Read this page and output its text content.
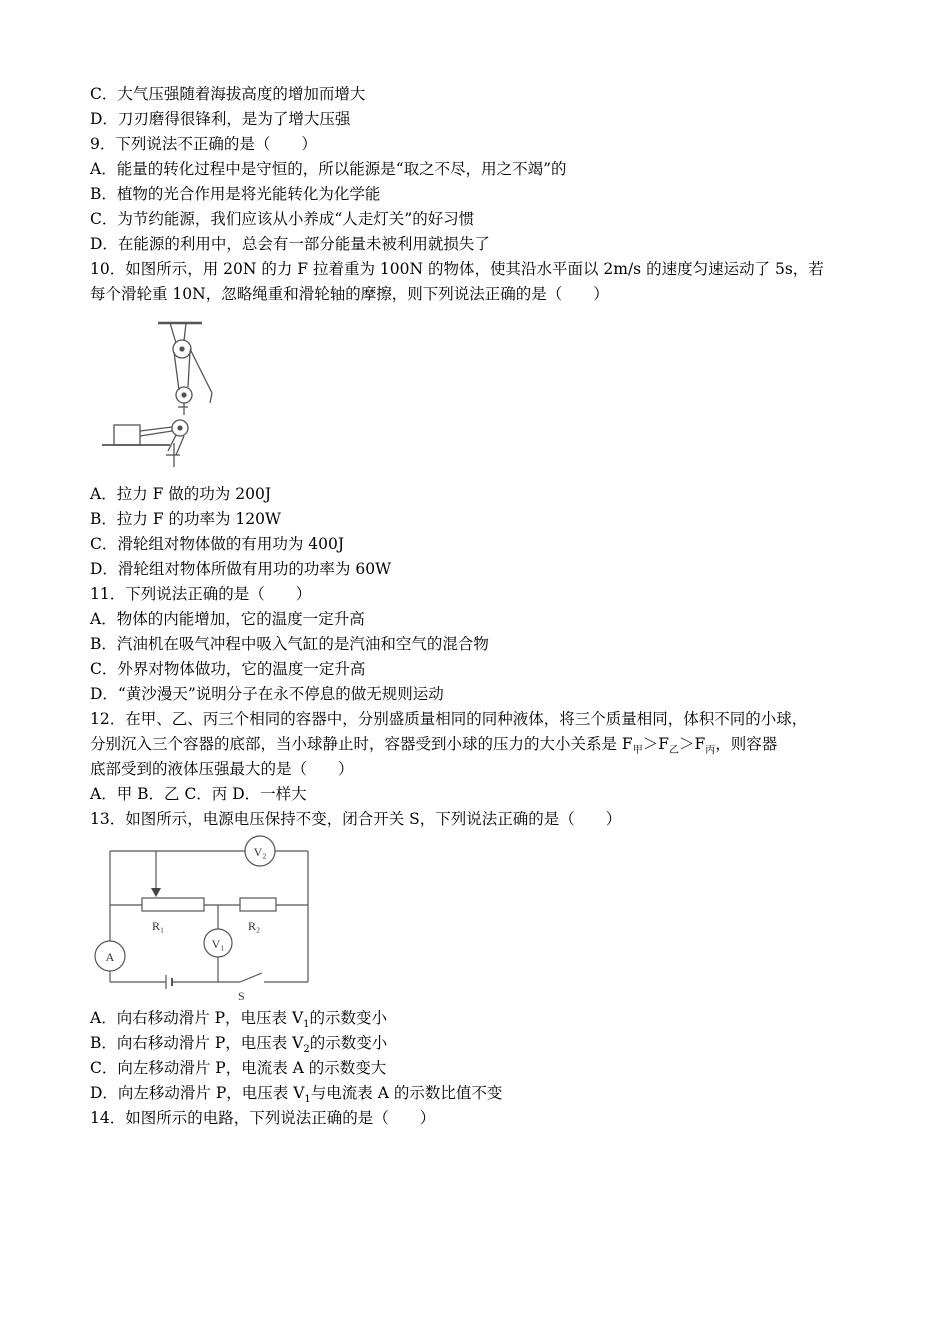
C．大气压强随着海拔高度的增加而增大
D．刀刃磨得很锋利，是为了增大压强
9．下列说法不正确的是（　　）
A．能量的转化过程中是守恒的，所以能源是“取之不尽，用之不竭”的
B．植物的光合作用是将光能转化为化学能
C．为节约能源，我们应该从小养成“人走灯关”的好习惯
D．在能源的利用中，总会有一部分能量未被利用就损失了
10．如图所示，用 20N 的力 F 拉着重为 100N 的物体，使其沿水平面以 2m/s 的速度匀速运动了 5s，若
每个滑轮重 10N，忽略绳重和滑轮轴的摩擦，则下列说法正确的是（　　）
A．拉力 F 做的功为 200J
B．拉力 F 的功率为 120W
C．滑轮组对物体做的有用功为 400J
D．滑轮组对物体所做有用功的功率为 60W
11．下列说法正确的是（　　）
A．物体的内能增加，它的温度一定升高
B．汽油机在吸气冲程中吸入气缸的是汽油和空气的混合物
C．外界对物体做功，它的温度一定升高
D．“黄沙漫天”说明分子在永不停息的做无规则运动
12．在甲、乙、丙三个相同的容器中，分别盛质量相同的同种液体，将三个质量相同，体积不同的小球，
分别沉入三个容器的底部，当小球静止时，容器受到小球的压力的大小关系是 $F_甲>F_乙>F_丙$，则容器
底部受到的液体压强最大的是（　　）
A．甲 B．乙 C．丙 D．一样大
13．如图所示，电源电压保持不变，闭合开关 S，下列说法正确的是（　　）
V₂
A
V₁
R₁	R₂
S
A．向右移动滑片 P，电压表 $V_1$的示数变小
B．向右移动滑片 P，电压表 $V_2$的示数变小
C．向左移动滑片 P，电流表 A 的示数变大
D．向左移动滑片 P，电压表 $V_1$与电流表 A 的示数比值不变
14．如图所示的电路，下列说法正确的是（　　）
